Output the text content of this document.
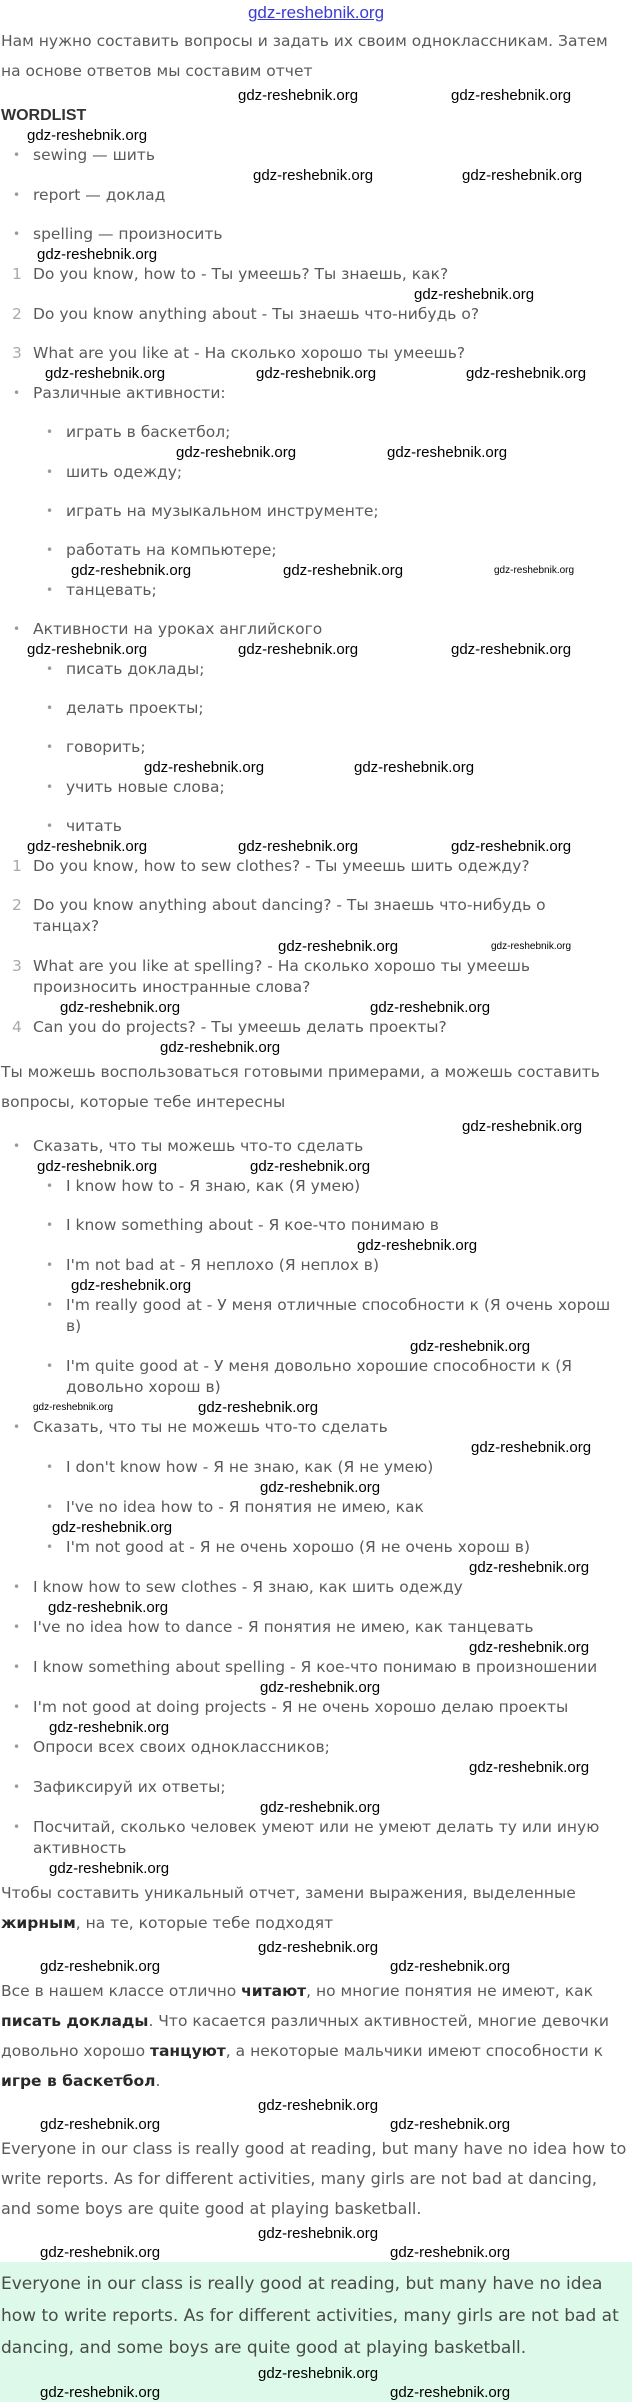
gdz-reshebnik.org

Нам нужно составить вопросы и задать их своим одноклассникам. Затем на основе ответов мы составим отчет

gdz-reshebnik.org	gdz-reshebnik.org
WORDLIST
gdz-reshebnik.org
• sewing — шить
gdz-reshebnik.org	gdz-reshebnik.org
• report — доклад
• spelling — произносить
gdz-reshebnik.org
1 Do you know, how to - Ты умеешь? Ты знаешь, как?
gdz-reshebnik.org
2 Do you know anything about - Ты знаешь что-нибудь о?
3 What are you like at - На сколько хорошо ты умеешь?
gdz-reshebnik.org	gdz-reshebnik.org	gdz-reshebnik.org
• Различные активности:
• играть в баскетбол;
gdz-reshebnik.org	gdz-reshebnik.org
• шить одежду;
• играть на музыкальном инструменте;
• работать на компьютере;
gdz-reshebnik.org	gdz-reshebnik.org	gdz-reshebnik.org
• танцевать;
• Активности на уроках английского
gdz-reshebnik.org	gdz-reshebnik.org	gdz-reshebnik.org
• писать доклады;
• делать проекты;
• говорить;
gdz-reshebnik.org	gdz-reshebnik.org
• учить новые слова;
• читать
gdz-reshebnik.org	gdz-reshebnik.org	gdz-reshebnik.org
1 Do you know, how to sew clothes? - Ты умеешь шить одежду?
2 Do you know anything about dancing? - Ты знаешь что-нибудь о танцах?
gdz-reshebnik.org	gdz-reshebnik.org
3 What are you like at spelling? - На сколько хорошо ты умеешь произносить иностранные слова?
gdz-reshebnik.org	gdz-reshebnik.org
4 Can you do projects? - Ты умеешь делать проекты?
gdz-reshebnik.org

Ты можешь воспользоваться готовыми примерами, а можешь составить вопросы, которые тебе интересны

gdz-reshebnik.org
• Сказать, что ты можешь что-то сделать
gdz-reshebnik.org	gdz-reshebnik.org
• I know how to - Я знаю, как (Я умею)
• I know something about - Я кое-что понимаю в
gdz-reshebnik.org
• I'm not bad at - Я неплохо (Я неплох в)
gdz-reshebnik.org
• I'm really good at - У меня отличные способности к (Я очень хорош в)
gdz-reshebnik.org
• I'm quite good at - У меня довольно хорошие способности к (Я довольно хорош в)
gdz-reshebnik.org	gdz-reshebnik.org
• Сказать, что ты не можешь что-то сделать
gdz-reshebnik.org
• I don't know how - Я не знаю, как (Я не умею)
gdz-reshebnik.org
• I've no idea how to - Я понятия не имею, как
gdz-reshebnik.org
• I'm not good at - Я не очень хорошо (Я не очень хорош в)
gdz-reshebnik.org
• I know how to sew clothes - Я знаю, как шить одежду
gdz-reshebnik.org
• I've no idea how to dance - Я понятия не имею, как танцевать
gdz-reshebnik.org
• I know something about spelling - Я кое-что понимаю в произношении
gdz-reshebnik.org
• I'm not good at doing projects - Я не очень хорошо делаю проекты
gdz-reshebnik.org
• Опроси всех своих одноклассников;
gdz-reshebnik.org
• Зафиксируй их ответы;
gdz-reshebnik.org
• Посчитай, сколько человек умеют или не умеют делать ту или иную активность
gdz-reshebnik.org

Чтобы составить уникальный отчет, замени выражения, выделенные жирным, на те, которые тебе подходят

gdz-reshebnik.org
gdz-reshebnik.org	gdz-reshebnik.org

Все в нашем классе отлично читают, но многие понятия не имеют, как писать доклады. Что касается различных активностей, многие девочки довольно хорошо танцуют, а некоторые мальчики имеют способности к игре в баскетбол.

gdz-reshebnik.org
gdz-reshebnik.org	gdz-reshebnik.org

Everyone in our class is really good at reading, but many have no idea how to write reports. As for different activities, many girls are not bad at dancing, and some boys are quite good at playing basketball.

gdz-reshebnik.org
gdz-reshebnik.org	gdz-reshebnik.org

Everyone in our class is really good at reading, but many have no idea how to write reports. As for different activities, many girls are not bad at dancing, and some boys are quite good at playing basketball.

gdz-reshebnik.org
gdz-reshebnik.org	gdz-reshebnik.org
